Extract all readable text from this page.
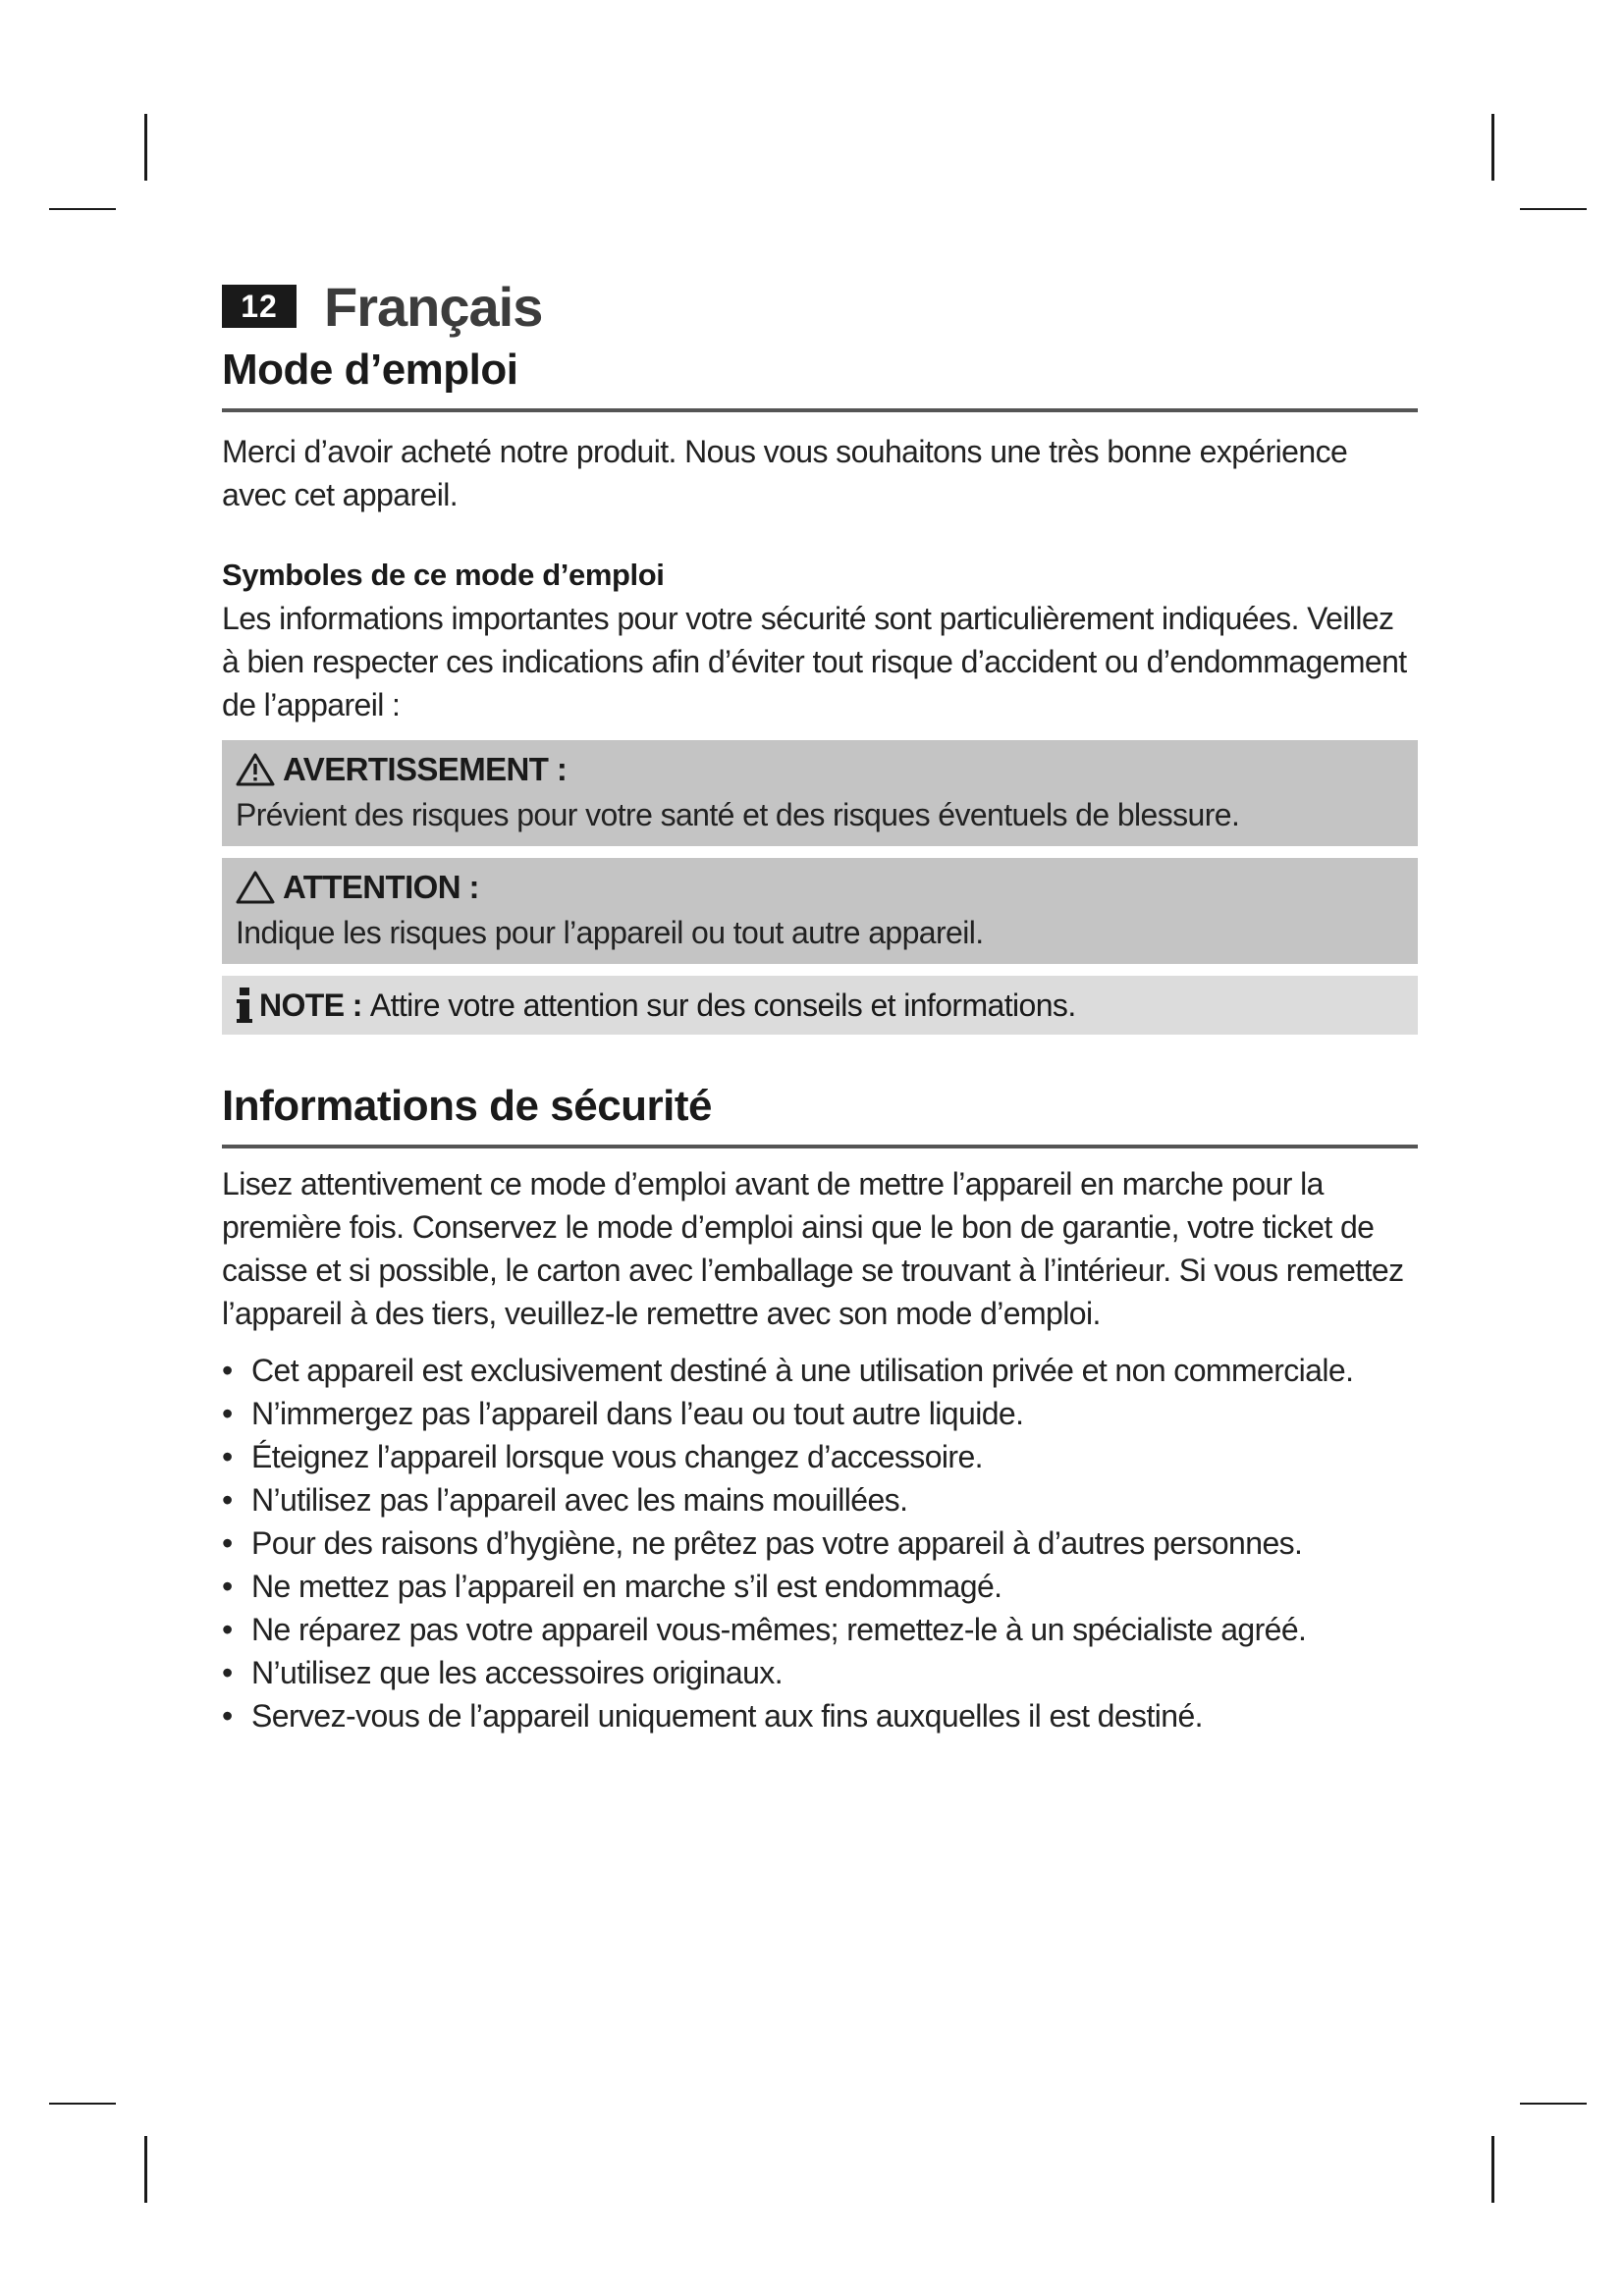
12 Français
Mode d’emploi
Merci d’avoir acheté notre produit. Nous vous souhaitons une très bonne expérience avec cet appareil.
Symboles de ce mode d’emploi
Les informations importantes pour votre sécurité sont particulièrement indiquées. Veillez à bien respecter ces indications afin d’éviter tout risque d’accident ou d’endommagement de l’appareil :
AVERTISSEMENT :
Prévient des risques pour votre santé et des risques éventuels de blessure.
ATTENTION :
Indique les risques pour l’appareil ou tout autre appareil.
NOTE : Attire votre attention sur des conseils et informations.
Informations de sécurité
Lisez attentivement ce mode d’emploi avant de mettre l’appareil en marche pour la première fois. Conservez le mode d’emploi ainsi que le bon de garantie, votre ticket de caisse et si possible, le carton avec l’emballage se trouvant à l’intérieur. Si vous remettez l’appareil à des tiers, veuillez-le remettre avec son mode d’emploi.
• Cet appareil est exclusivement destiné à une utilisation privée et non commerciale.
• N’immergez pas l’appareil dans l’eau ou tout autre liquide.
• Éteignez l’appareil lorsque vous changez d’accessoire.
• N’utilisez pas l’appareil avec les mains mouillées.
• Pour des raisons d’hygiène, ne prêtez pas votre appareil à d’autres personnes.
• Ne mettez pas l’appareil en marche s’il est endommagé.
• Ne réparez pas votre appareil vous-mêmes; remettez-le à un spécialiste agréé.
• N’utilisez que les accessoires originaux.
• Servez-vous de l’appareil uniquement aux fins auxquelles il est destiné.
